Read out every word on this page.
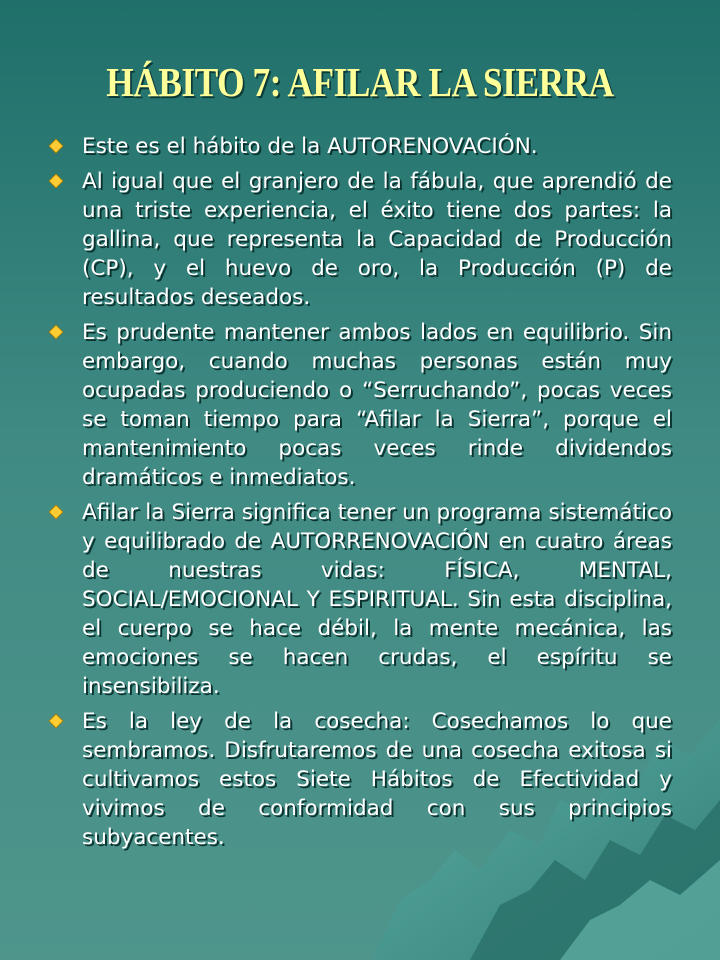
HÁBITO 7: AFILAR LA SIERRA
Este es el hábito de la AUTORENOVACIÓN.
Al igual que el granjero de la fábula, que aprendió de una triste experiencia, el éxito tiene dos partes: la gallina, que representa la Capacidad de Producción (CP), y el huevo de oro, la Producción (P) de resultados deseados.
Es prudente mantener ambos lados en equilibrio. Sin embargo, cuando muchas personas están muy ocupadas produciendo o “Serruchando”, pocas veces se toman tiempo para “Afilar la Sierra”, porque el mantenimiento pocas veces rinde dividendos dramáticos e inmediatos.
Afilar la Sierra significa tener un programa sistemático y equilibrado de AUTORRENOVACIÓN en cuatro áreas de nuestras vidas: FÍSICA, MENTAL, SOCIAL/EMOCIONAL Y ESPIRITUAL. Sin esta disciplina, el cuerpo se hace débil, la mente mecánica, las emociones se hacen crudas, el espíritu se insensibiliza.
Es la ley de la cosecha: Cosechamos lo que sembramos. Disfrutaremos de una cosecha exitosa si cultivamos estos Siete Hábitos de Efectividad y vivimos de conformidad con sus principios subyacentes.
